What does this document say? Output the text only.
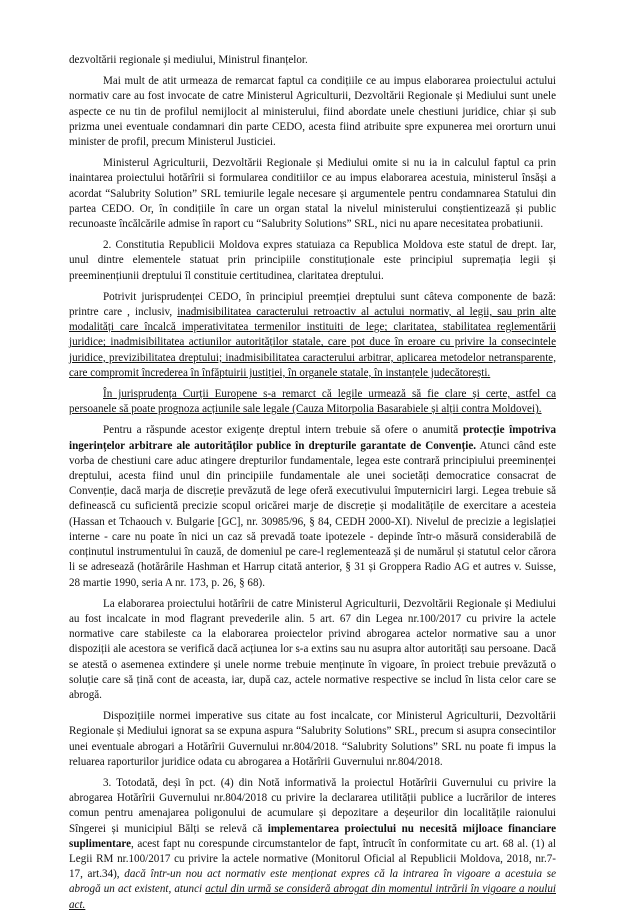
dezvoltării regionale și mediului, Ministrul finanțelor.

Mai mult de atit urmeaza de remarcat faptul ca condițiile ce au impus elaborarea proiectului actului normativ care au fost invocate de catre Ministerul Agriculturii, Dezvoltării Regionale și Mediului sunt unele aspecte ce nu tin de profilul nemijlocit al ministerului, fiind abordate unele chestiuni juridice, chiar și sub prizma unei eventuale condamnari din parte CEDO, acesta fiind atribuite spre expunerea mei ororturn unui minister de profil, precum Ministerul Justiciei.

Ministerul Agriculturii, Dezvoltării Regionale și Mediului omite si nu ia in calculul faptul ca prin inaintarea proiectului hotărîrii si formularea conditiilor ce au impus elaborarea acestuia, ministerul însăși a acordat “Salubrity Solution” SRL temiurile legale necesare și argumentele pentru condamnarea Statului din partea CEDO. Or, în condițiile în care un organ statal la nivelul ministerului conștientizează și public recunoaste încălcările admise în raport cu “Salubrity Solutions” SRL, nici nu apare necesitatea probatiunii.

2. Constitutia Republicii Moldova expres statuiaza ca Republica Moldova este statul de drept. Iar, unul dintre elementele statuat prin principiile constituționale este principiul supremația legii și preeminențiunii dreptului îl constituie certitudinea, claritatea dreptului.

Potrivit jurisprudenței CEDO, în principiul preemției dreptului sunt câteva componente de bază: printre care , inclusiv, inadmisibilitatea caracterului retroactiv al actului normativ, al legii, sau prin alte modalități care încalcă imperativitatea termenilor instituiti de lege; claritatea, stabilitatea reglementării juridice; inadmisibilitatea actiunilor autorităților statale, care pot duce în eroare cu privire la consecintele juridice, previzibilitatea dreptului; inadmisibilitatea caracterului arbitrar, aplicarea metodelor netransparente, care compromit încrederea în înfăptuirii justiției, în organele statale, în instanțele judecătorești.

În jurisprudența Curții Europene s-a remarct că legile urmează să fie clare și certe, astfel ca persoanele să poate prognoza acțiunile sale legale (Cauza Mitorpolia Basarabiele și alții contra Moldovei).

Pentru a răspunde acestor exigențe dreptul intern trebuie să ofere o anumită protecție împotriva ingerințelor arbitrare ale autorităților publice în drepturile garantate de Convenție. Atunci când este vorba de chestiuni care aduc atingere drepturilor fundamentale, legea este contrară principiului preeminenței dreptului, acesta fiind unul din principiile fundamentale ale unei societăți democratice consacrat de Convenție, dacă marja de discreție prevăzută de lege oferă executivului împuterniciri largi. Legea trebuie să definească cu suficientă precizie scopul oricărei marje de discreție și modalitățile de exercitare a acesteia (Hassan et Tchaouch v. Bulgarie [GC], nr. 30985/96, § 84, CEDH 2000-XI). Nivelul de precizie a legislației interne - care nu poate în nici un caz să prevadă toate ipotezele - depinde într-o măsură considerabilă de conținutul instrumentului în cauză, de domeniul pe care-l reglementează și de numărul și statutul celor cărora li se adresează (hotărârile Hashman et Harrup citată anterior, § 31 și Groppera Radio AG et autres v. Suisse, 28 martie 1990, seria A nr. 173, p. 26, § 68).

La elaborarea proiectului hotărîrii de catre Ministerul Agriculturii, Dezvoltării Regionale și Mediului au fost incalcate in mod flagrant prevederile alin. 5 art. 67 din Legea nr.100/2017 cu privire la actele normative care stabileste ca la elaborarea proiectelor privind abrogarea actelor normative sau a unor dispoziții ale acestora se verifică dacă acțiunea lor s-a extins sau nu asupra altor autorități sau persoane. Dacă se atestă o asemenea extindere și unele norme trebuie menținute în vigoare, în proiect trebuie prevăzută o soluție care să țină cont de aceasta, iar, după caz, actele normative respective se includ în lista celor care se abrogă.

Dispozițiile normei imperative sus citate au fost incalcate, cor Ministerul Agriculturii, Dezvoltării Regionale și Mediului ignorat sa se expuna aspura “Salubrity Solutions” SRL, precum si asupra consecintilor unei eventuale abrogari a Hotărîrii Guvernului nr.804/2018. “Salubrity Solutions” SRL nu poate fi impus la reluarea raporturilor juridice odata cu abrogarea a Hotărîrii Guvernului nr.804/2018.

3. Totodată, deși în pct. (4) din Notă informativă la proiectul Hotărîrii Guvernului cu privire la abrogarea Hotărîrii Guvernului nr.804/2018 cu privire la declararea utilității publice a lucrărilor de interes comun pentru amenajarea poligonului de acumulare și depozitare a deșeurilor din localitățile raionului Sîngerei și municipiul Bălți se relevă că implementarea proiectului nu necesită mijloace financiare suplimentare, acest fapt nu corespunde circumstantelor de fapt, întrucît în conformitate cu art. 68 al. (1) al Legii RM nr.100/2017 cu privire la actele normative (Monitorul Oficial al Republicii Moldova, 2018, nr.7-17, art.34), dacă într-un nou act normativ este menționat expres că la intrarea în vigoare a acestuia se abrogă un act existent, atunci actul din urmă se consideră abrogat din momentul intrării în vigoare a noului act.
